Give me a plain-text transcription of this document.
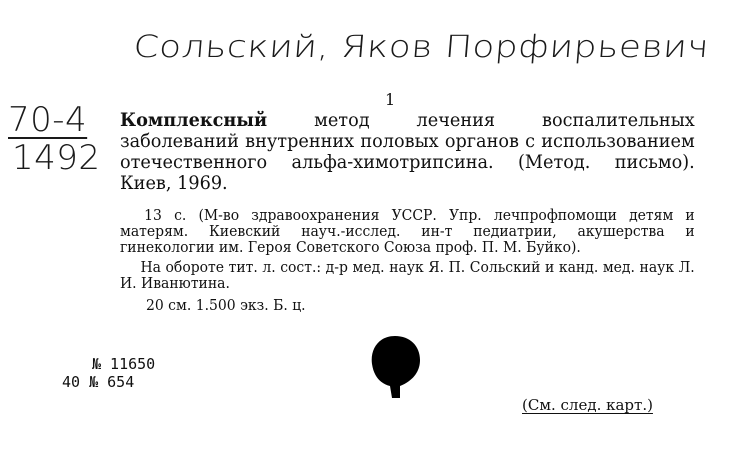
Сольский, Яков Порфирьевич
70-4
1492
1
Комплексный метод лечения воспалительных заболеваний внутренних половых органов с использованием отечественного альфа-химотрипсина. (Метод. письмо). Киев, 1969.
13 с. (М-во здравоохранения УССР. Упр. лечпрофпомощи детям и матерям. Киевский науч.-исслед. ин-т педиатрии, акушерства и гинекологии им. Героя Советского Союза проф. П. М. Буйко).
На обороте тит. л. сост.: д-р мед. наук Я. П. Сольский и канд. мед. наук Л. И. Иванютина.
20 см. 1.500 экз. Б. ц.
№ 11650
40 № 654
(См. след. карт.)
